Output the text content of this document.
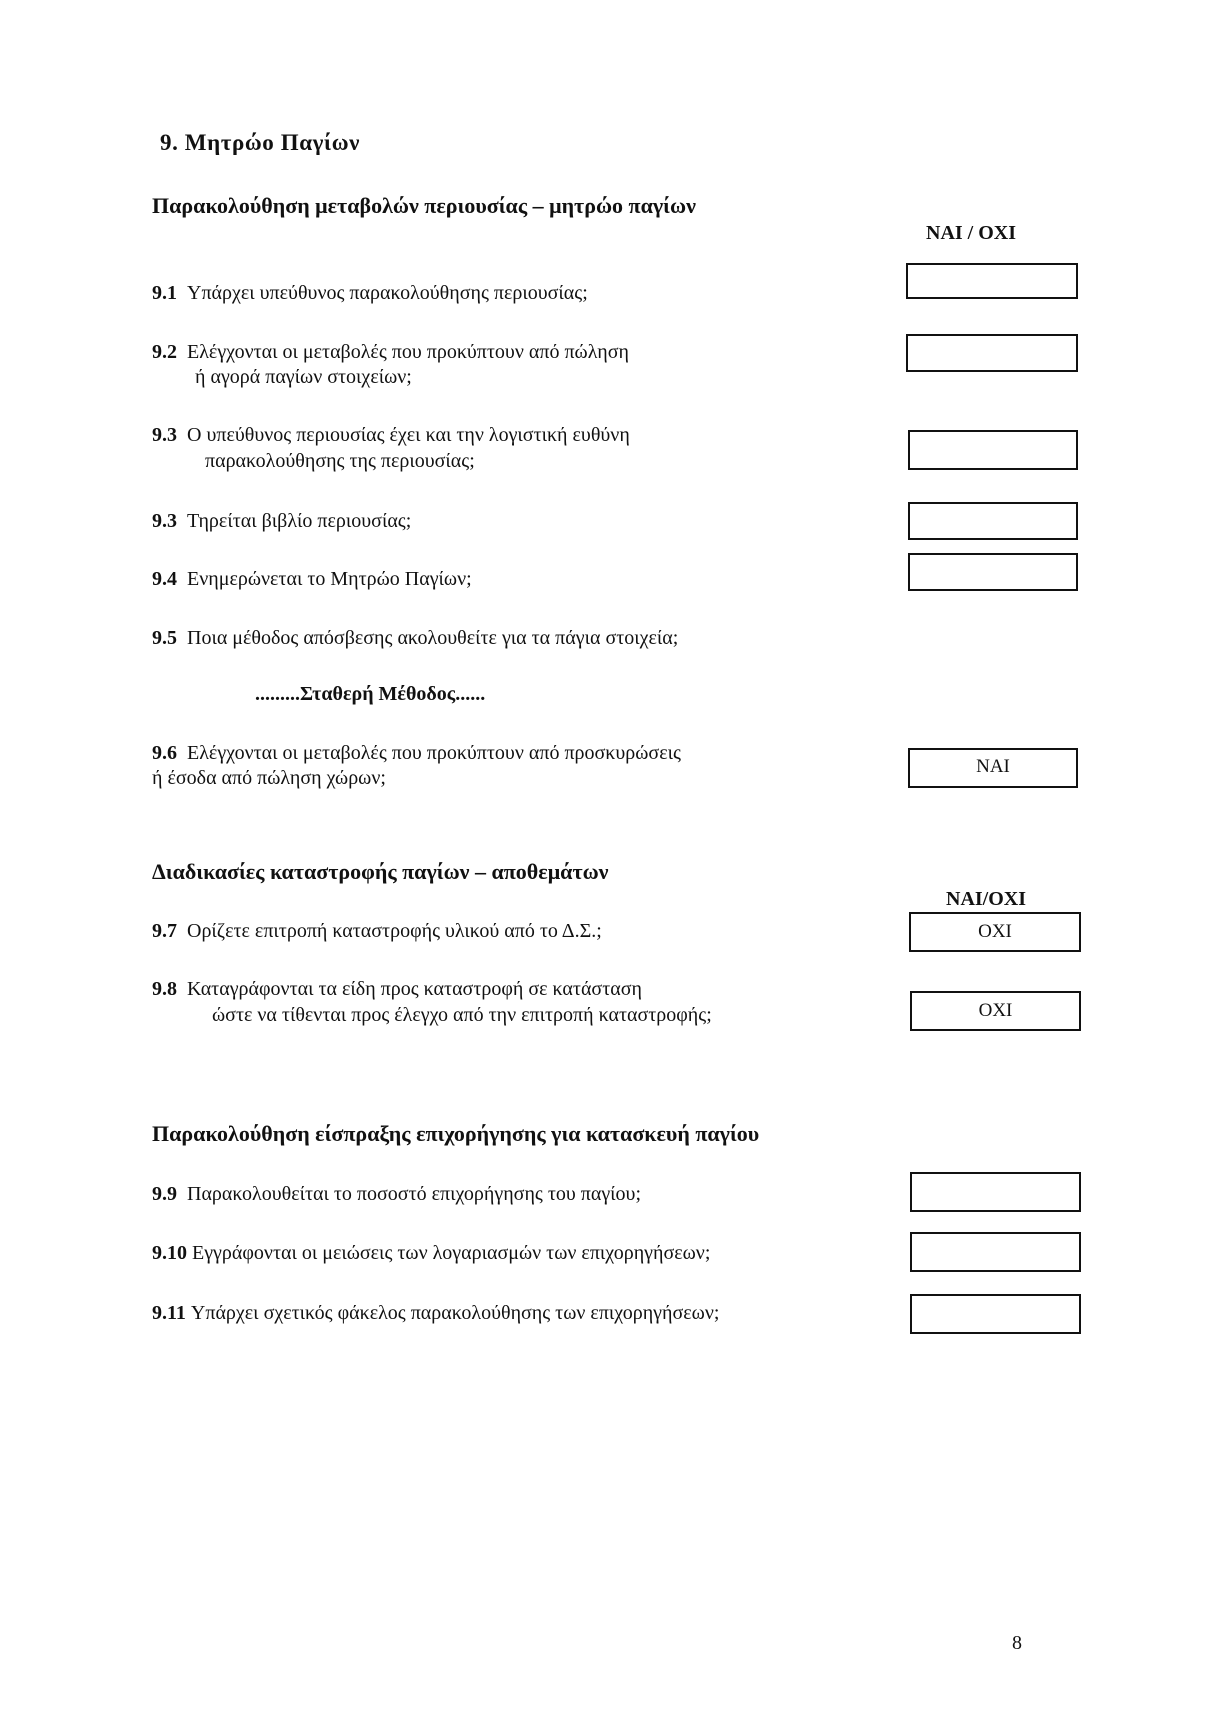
9. Μητρώο Παγίων
Παρακολούθηση μεταβολών περιουσίας – μητρώο παγίων
ΝΑΙ / ΟΧΙ
9.1 Υπάρχει υπεύθυνος παρακολούθησης περιουσίας;
9.2 Ελέγχονται οι μεταβολές που προκύπτουν από πώληση
ή αγορά παγίων στοιχείων;
9.3 Ο υπεύθυνος περιουσίας έχει και την λογιστική ευθύνη
παρακολούθησης της περιουσίας;
9.3 Τηρείται βιβλίο περιουσίας;
9.4 Ενημερώνεται το Μητρώο Παγίων;
9.5 Ποια μέθοδος απόσβεσης ακολουθείτε για τα πάγια στοιχεία;
.........Σταθερή Μέθοδος......
9.6 Ελέγχονται οι μεταβολές που προκύπτουν από προσκυρώσεις
ή έσοδα από πώληση χώρων;
ΝΑΙ
Διαδικασίες καταστροφής παγίων – αποθεμάτων
ΝΑΙ/ΟΧΙ
9.7 Ορίζετε επιτροπή καταστροφής υλικού από το Δ.Σ.;	ΟΧΙ
9.8 Καταγράφονται τα είδη προς καταστροφή σε κατάσταση
ώστε να τίθενται προς έλεγχο από την επιτροπή καταστροφής;	ΟΧΙ
Παρακολούθηση είσπραξης επιχορήγησης για κατασκευή παγίου
9.9 Παρακολουθείται το ποσοστό επιχορήγησης του παγίου;
9.10 Εγγράφονται οι μειώσεις των λογαριασμών των επιχορηγήσεων;
9.11 Υπάρχει σχετικός φάκελος παρακολούθησης των επιχορηγήσεων;
8
